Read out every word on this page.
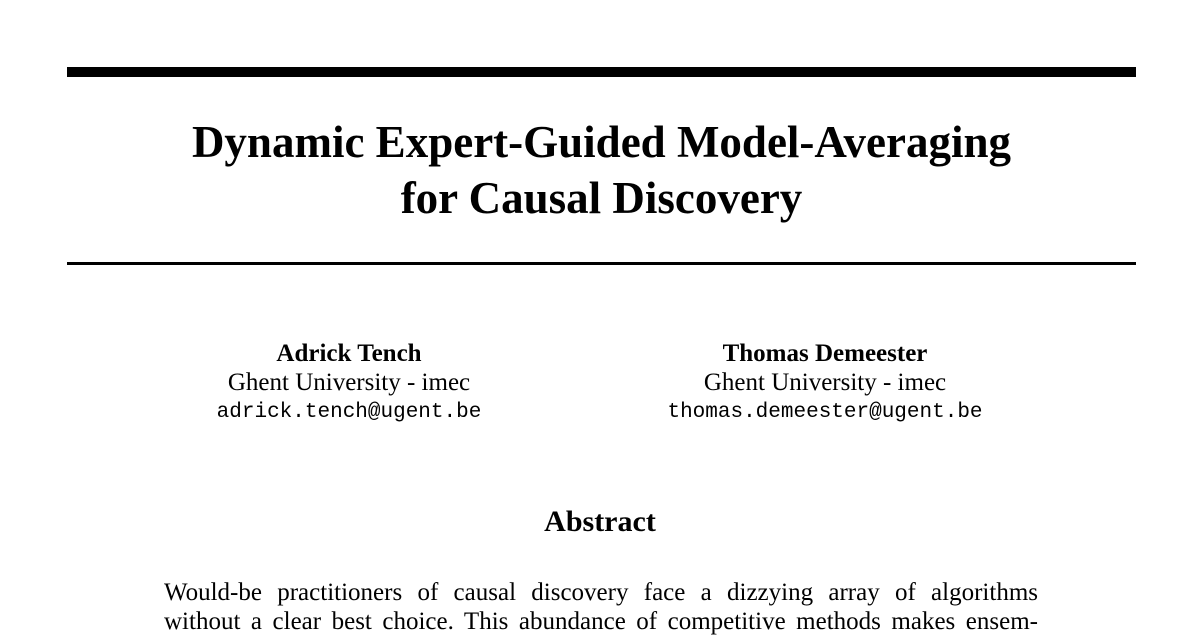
Dynamic Expert-Guided Model-Averaging
for Causal Discovery
Adrick Tench
Ghent University - imec
adrick.tench@ugent.be
Thomas Demeester
Ghent University - imec
thomas.demeester@ugent.be
Abstract
Would-be practitioners of causal discovery face a dizzying array of algorithms
without a clear best choice. This abundance of competitive methods makes ensem-
